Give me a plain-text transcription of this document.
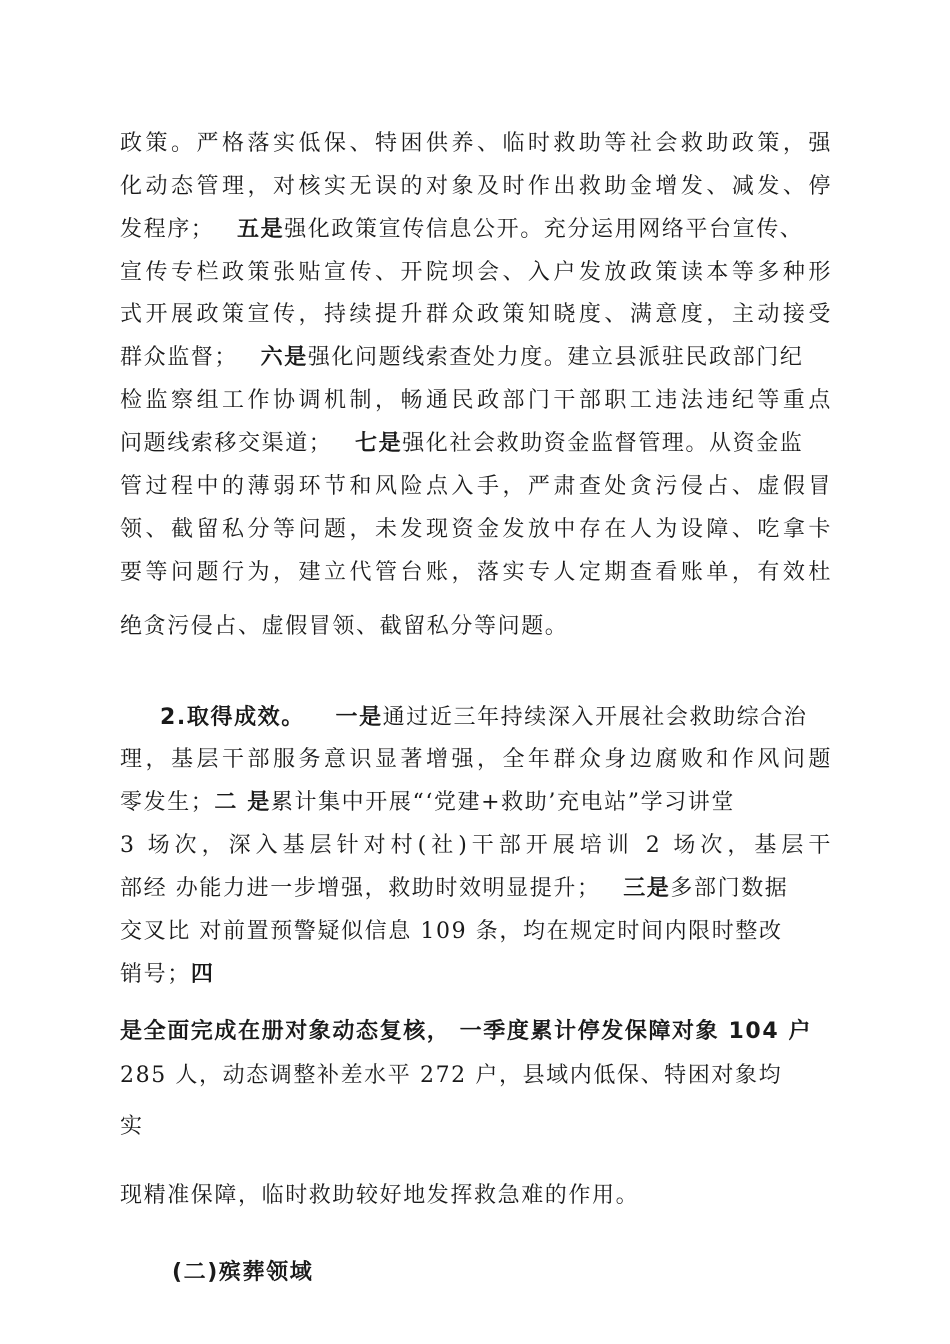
政策。严格落实低保、特困供养、临时救助等社会救助政策，强
化动态管理，对核实无误的对象及时作出救助金增发、减发、停
发程序； 五是强化政策宣传信息公开。充分运用网络平台宣传、
宣传专栏政策张贴宣传、开院坝会、入户发放政策读本等多种形
式开展政策宣传，持续提升群众政策知晓度、满意度，主动接受
群众监督； 六是强化问题线索查处力度。建立县派驻民政部门纪
检监察组工作协调机制，畅通民政部门干部职工违法违纪等重点
问题线索移交渠道； 七是强化社会救助资金监督管理。从资金监
管过程中的薄弱环节和风险点入手，严肃查处贪污侵占、虚假冒
领、截留私分等问题，未发现资金发放中存在人为设障、吃拿卡
要等问题行为，建立代管台账，落实专人定期查看账单，有效杜
绝贪污侵占、虚假冒领、截留私分等问题。
2.取得成效。 一是通过近三年持续深入开展社会救助综合治
理，基层干部服务意识显著增强，全年群众身边腐败和作风问题
零发生；二 是累计集中开展“‘党建+救助’充电站”学习讲堂
3 场次，深入基层针对村(社)干部开展培训 2 场次，基层干
部经 办能力进一步增强，救助时效明显提升； 三是多部门数据
交叉比 对前置预警疑似信息 109 条，均在规定时间内限时整改
销号；四
是全面完成在册对象动态复核， 一季度累计停发保障对象 104 户
285 人，动态调整补差水平 272 户，县域内低保、特困对象均
实
现精准保障，临时救助较好地发挥救急难的作用。
(二)殡葬领域
